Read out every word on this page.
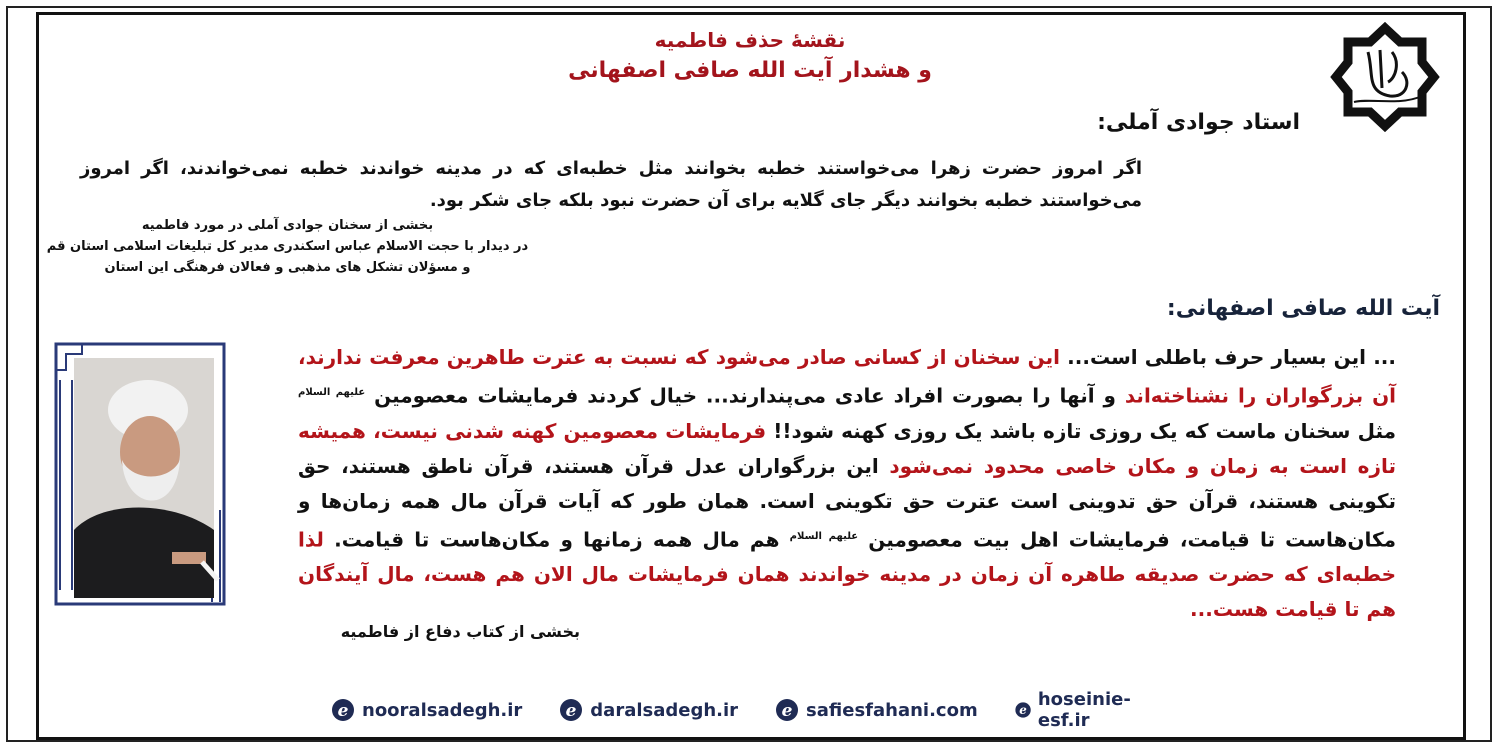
نقشۀ حذف فاطمیه
و هشدار آیت الله صافی اصفهانی
استاد جوادی آملی:
اگر امروز حضرت زهرا می‌خواستند خطبه بخوانند مثل خطبه‌ای که در مدینه خواندند خطبه نمی‌خواندند، اگر امروز می‌خواستند خطبه بخوانند دیگر جای گلایه برای آن حضرت نبود بلکه جای شکر بود.
بخشی از سخنان جوادی آملی در مورد فاطمیه
در دیدار با حجت الاسلام عباس اسکندری مدیر کل تبلیغات اسلامی استان قم
و مسؤلان تشکل های مذهبی و فعالان فرهنگی این استان
آیت الله صافی اصفهانی:
... این بسیار حرف باطلی است... این سخنان از کسانی صادر می‌شود که نسبت به عترت طاهرین معرفت ندارند، آن بزرگواران را نشناخته‌اند و آنها را بصورت افراد عادی می‌پندارند... خیال کردند فرمایشات معصومین $^{علیهم السلام}$ مثل سخنان ماست که یک روزی تازه باشد یک روزی کهنه شود!! فرمایشات معصومین کهنه شدنی نیست، همیشه تازه است به زمان و مکان خاصی محدود نمی‌شود این بزرگواران عدل قرآن هستند، قرآن ناطق هستند، حق تکوینی هستند، قرآن حق تدوینی است عترت حق تکوینی است. همان طور که آیات قرآن مال همه زمان‌ها و مکان‌هاست تا قیامت، فرمایشات اهل بیت معصومین $^{علیهم السلام}$ هم مال همه زمانها و مکان‌هاست تا قیامت. لذا خطبه‌ای که حضرت صدیقه طاهره آن زمان در مدینه خواندند همان فرمایشات مال الان هم هست، مال آیندگان هم تا قیامت هست...
بخشی از کتاب دفاع از فاطمیه
e nooralsadegh.ir	e daralsadegh.ir	e safiesfahani.com e
hoseinie-esf.ir
